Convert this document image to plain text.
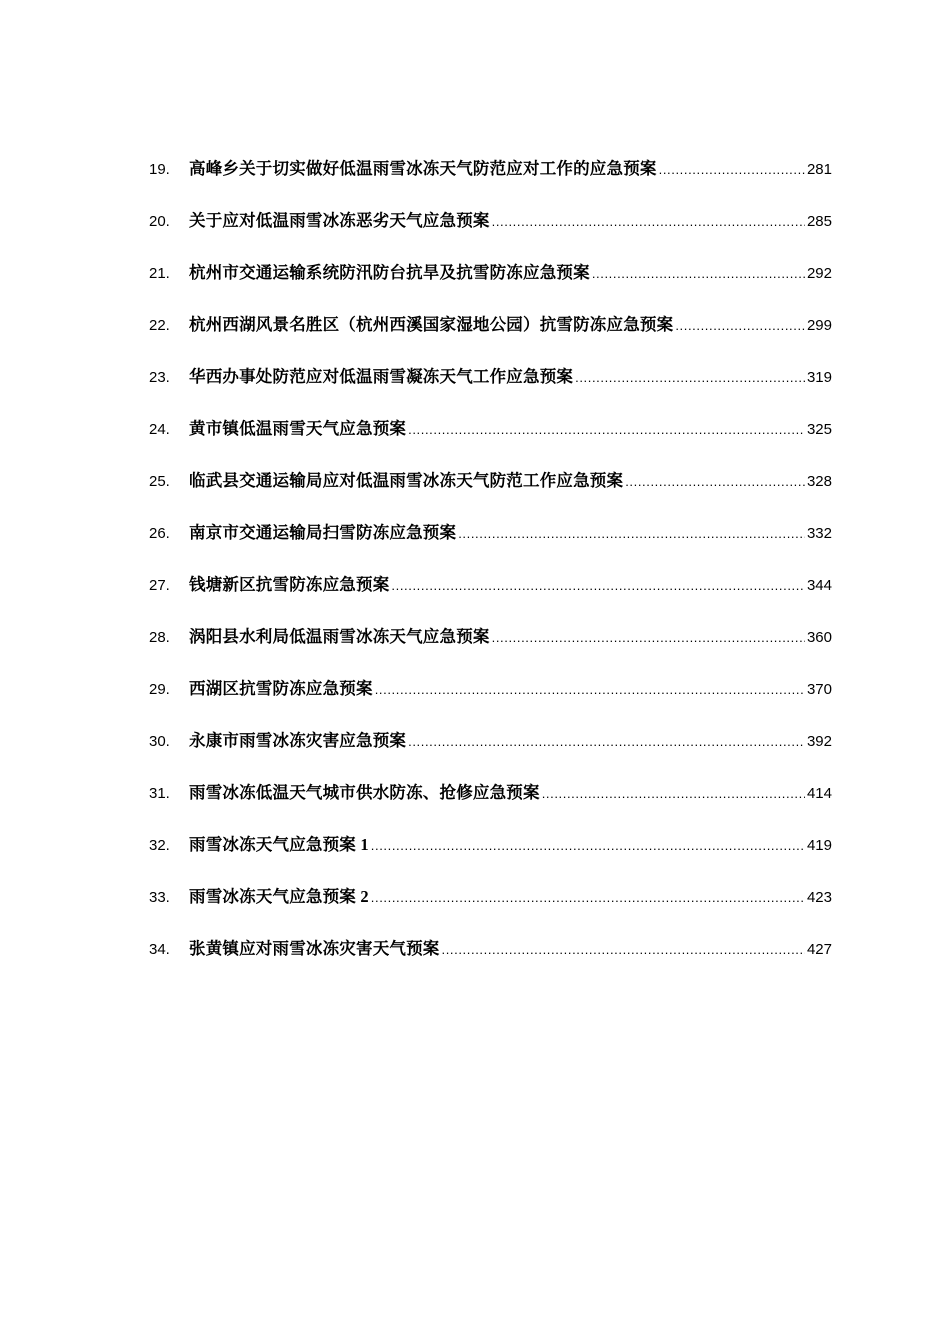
19.	高峰乡关于切实做好低温雨雪冰冻天气防范应对工作的应急预案 .....	281
20.	关于应对低温雨雪冰冻恶劣天气应急预案 .....	285
21.	杭州市交通运输系统防汛防台抗旱及抗雪防冻应急预案 .....	292
22.	杭州西湖风景名胜区（杭州西溪国家湿地公园）抗雪防冻应急预案 .....	299
23.	华西办事处防范应对低温雨雪凝冻天气工作应急预案 .....	319
24.	黄市镇低温雨雪天气应急预案 .....	325
25.	临武县交通运输局应对低温雨雪冰冻天气防范工作应急预案 .....	328
26.	南京市交通运输局扫雪防冻应急预案 .....	332
27.	钱塘新区抗雪防冻应急预案 .....	344
28.	涡阳县水利局低温雨雪冰冻天气应急预案 .....	360
29.	西湖区抗雪防冻应急预案 .....	370
30.	永康市雨雪冰冻灾害应急预案 .....	392
31.	雨雪冰冻低温天气城市供水防冻、抢修应急预案 .....	414
32.	雨雪冰冻天气应急预案 1 .....	419
33.	雨雪冰冻天气应急预案 2 .....	423
34.	张黄镇应对雨雪冰冻灾害天气预案 .....	427
